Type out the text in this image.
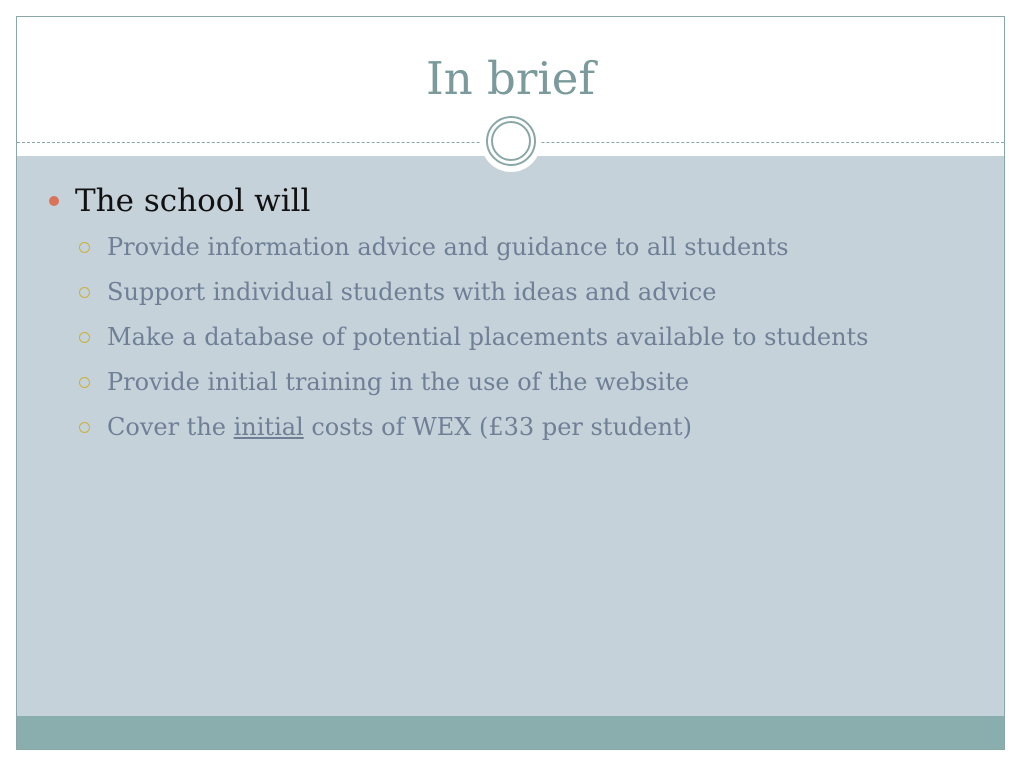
In brief
The school will
Provide information advice and guidance to all students
Support individual students with ideas and advice
Make a database of potential placements available to students
Provide initial training in the use of the website
Cover the initial costs of WEX (£33 per student)
